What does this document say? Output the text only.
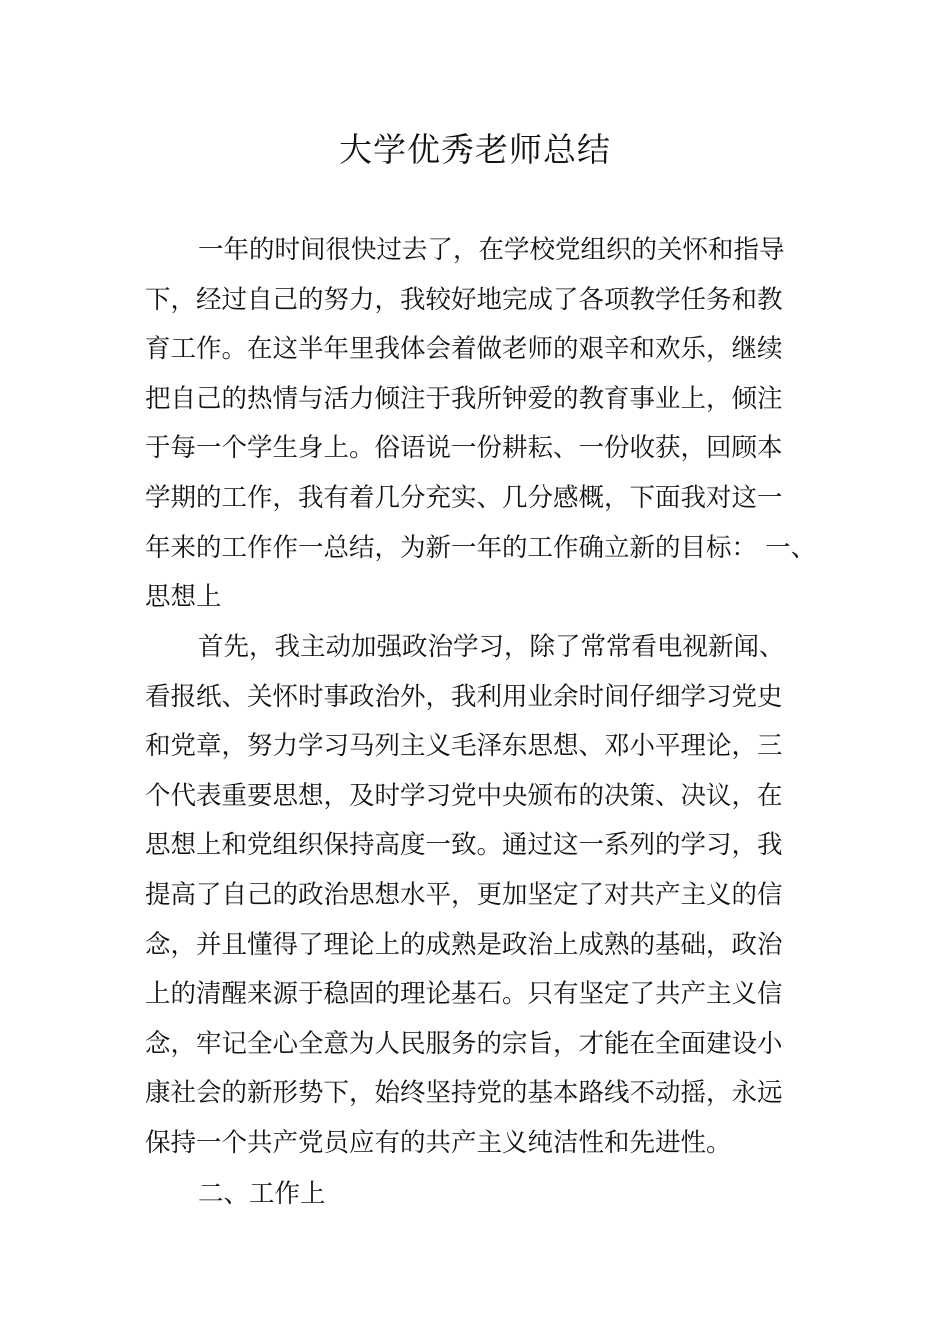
大学优秀老师总结
一年的时间很快过去了，在学校党组织的关怀和指导
下，经过自己的努力，我较好地完成了各项教学任务和教
育工作。在这半年里我体会着做老师的艰辛和欢乐，继续
把自己的热情与活力倾注于我所钟爱的教育事业上，倾注
于每一个学生身上。俗语说一份耕耘、一份收获，回顾本
学期的工作，我有着几分充实、几分感概，下面我对这一
年来的工作作一总结，为新一年的工作确立新的目标： 一、
思想上
首先，我主动加强政治学习，除了常常看电视新闻、
看报纸、关怀时事政治外，我利用业余时间仔细学习党史
和党章，努力学习马列主义毛泽东思想、邓小平理论，三
个代表重要思想，及时学习党中央颁布的决策、决议，在
思想上和党组织保持高度一致。通过这一系列的学习，我
提高了自己的政治思想水平，更加坚定了对共产主义的信
念，并且懂得了理论上的成熟是政治上成熟的基础，政治
上的清醒来源于稳固的理论基石。只有坚定了共产主义信
念，牢记全心全意为人民服务的宗旨，才能在全面建设小
康社会的新形势下，始终坚持党的基本路线不动摇，永远
保持一个共产党员应有的共产主义纯洁性和先进性。
二、工作上
